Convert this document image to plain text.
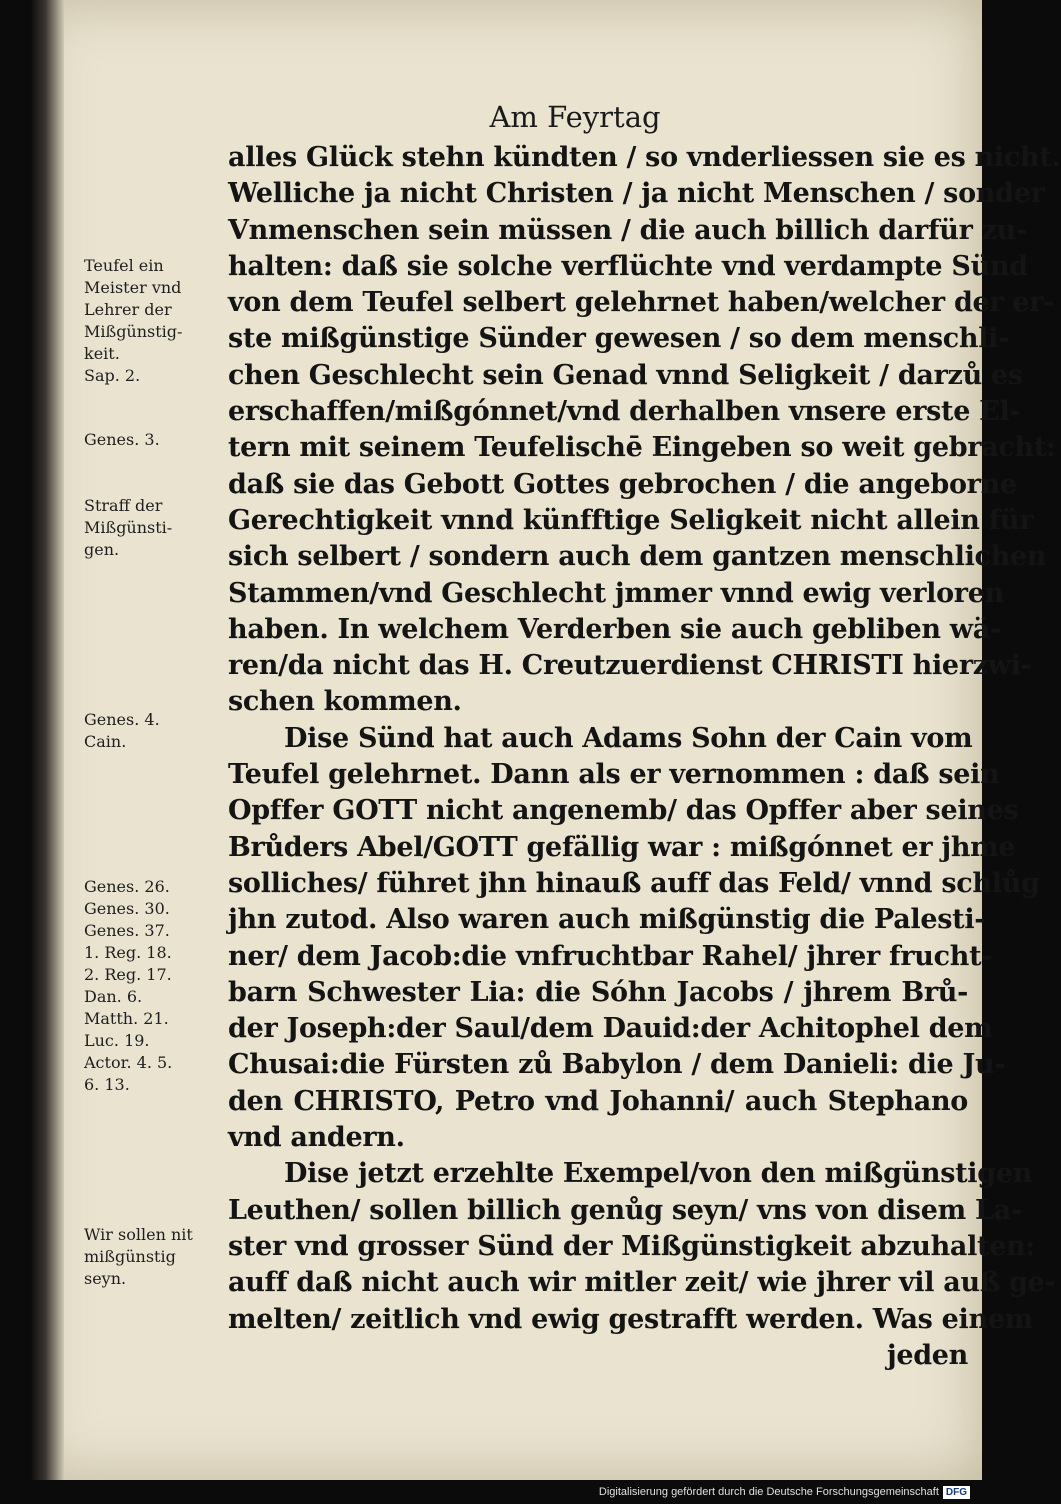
Am Feyrtag
alles Glück stehn kündten / so vnderliessen sie es nicht.
Welliche ja nicht Christen / ja nicht Menschen / sonder
Vnmenschen sein müssen / die auch billich darfür zu-
halten: daß sie solche verflüchte vnd verdampte Sünd
von dem Teufel selbert gelehrnet haben/welcher der er-
ste mißgünstige Sünder gewesen / so dem menschli-
chen Geschlecht sein Genad vnnd Seligkeit / darzů es
erschaffen/mißgónnet/vnd derhalben vnsere erste El-
tern mit seinem Teufelischē Eingeben so weit gebracht:
daß sie das Gebott Gottes gebrochen / die angeborne
Gerechtigkeit vnnd künfftige Seligkeit nicht allein für
sich selbert / sondern auch dem gantzen menschlichen
Stammen/vnd Geschlecht jmmer vnnd ewig verloren
haben. In welchem Verderben sie auch gebliben wä-
ren/da nicht das H. Creutzuerdienst CHRISTI hierzwi-
schen kommen.
Dise Sünd hat auch Adams Sohn der Cain vom
Teufel gelehrnet. Dann als er vernommen : daß sein
Opffer GOTT nicht angenemb/ das Opffer aber seines
Brůders Abel/GOTT gefällig war : mißgónnet er jhme
solliches/ führet jhn hinauß auff das Feld/ vnnd schlůg
jhn zutod. Also waren auch mißgünstig die Palesti-
ner/ dem Jacob:die vnfruchtbar Rahel/ jhrer frucht-
barn Schwester Lia: die Sóhn Jacobs / jhrem Brů-
der Joseph:der Saul/dem Dauid:der Achitophel dem
Chusai:die Fürsten zů Babylon / dem Danieli: die Ju-
den CHRISTO, Petro vnd Johanni/ auch Stephano
vnd andern.
Dise jetzt erzehlte Exempel/von den mißgünstigen
Leuthen/ sollen billich genůg seyn/ vns von disem La-
ster vnd grosser Sünd der Mißgünstigkeit abzuhalten:
auff daß nicht auch wir mitler zeit/ wie jhrer vil auß ge-
melten/ zeitlich vnd ewig gestrafft werden. Was einem
jeden
Teufel ein
Meister vnd
Lehrer der
Mißgünstig-
keit.
Sap. 2.
Genes. 3.
Straff der
Mißgünsti-
gen.
Genes. 4.
Cain.
Genes. 26.
Genes. 30.
Genes. 37.
1. Reg. 18.
2. Reg. 17.
Dan. 6.
Matth. 21.
Luc. 19.
Actor. 4. 5.
6. 13.
Wir sollen nit
mißgünstig
seyn.
Digitalisierung gefördert durch die Deutsche Forschungsgemeinschaft DFG
